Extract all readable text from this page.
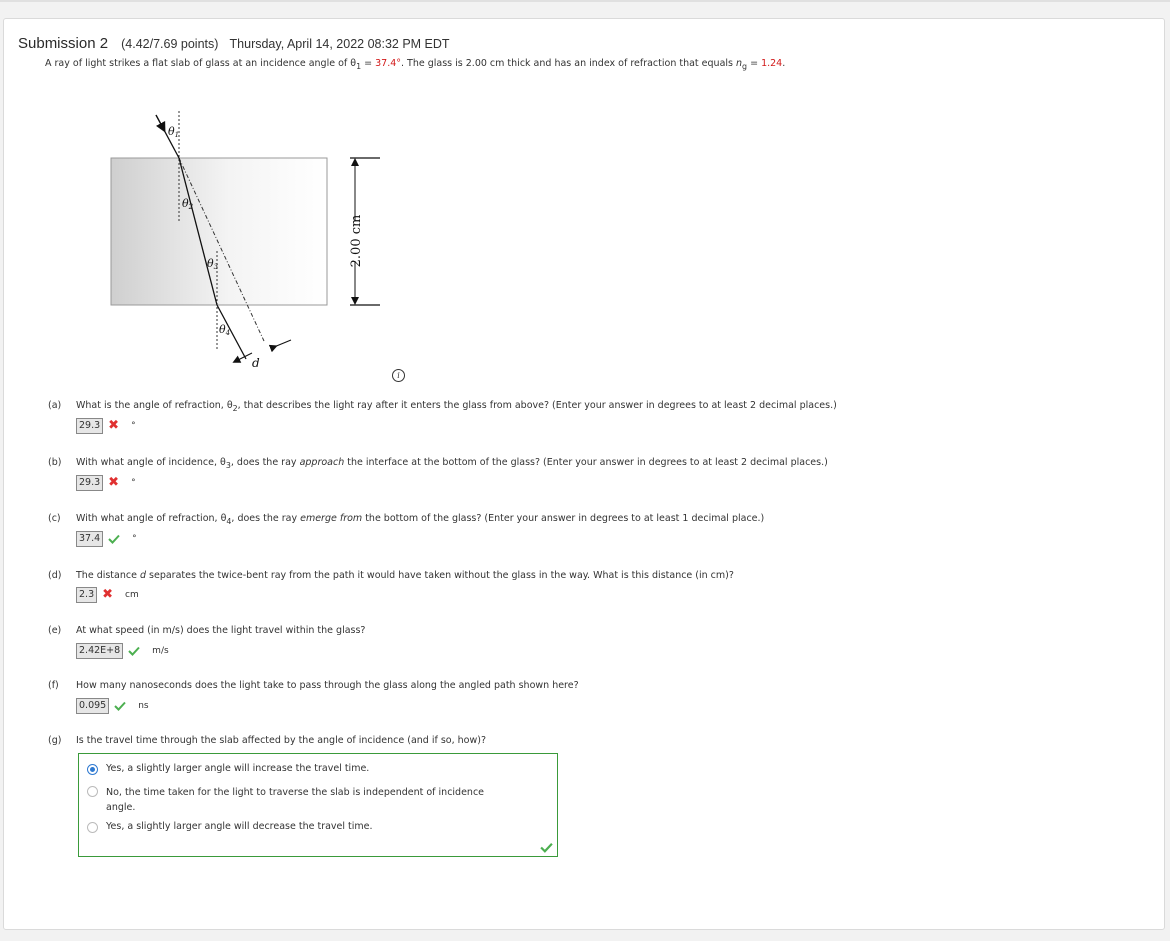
Submission 2 (4.42/7.69 points) Thursday, April 14, 2022 08:32 PM EDT
A ray of light strikes a flat slab of glass at an incidence angle of $\theta_1 = 37.4^\circ$. The glass is 2.00 cm thick and has an index of refraction that equals $n_g = 1.24$.
2.00 cm
d
θ1
θ2
θ3
θ4
i
(a) What is the angle of refraction, $\theta_2$, that describes the light ray after it enters the glass from above? (Enter your answer in degrees to at least 2 decimal places.)
29.3 ✖ °
(b) With what angle of incidence, $\theta_3$, does the ray approach the interface at the bottom of the glass? (Enter your answer in degrees to at least 2 decimal places.)
29.3 ✖ °
(c) With what angle of refraction, $\theta_4$, does the ray emerge from the bottom of the glass? (Enter your answer in degrees to at least 1 decimal place.)
37.4	°
(d) The distance d separates the twice-bent ray from the path it would have taken without the glass in the way. What is this distance (in cm)?
2.3 ✖ cm
(e) At what speed (in m/s) does the light travel within the glass?
2.42E+8	m/s
(f) How many nanoseconds does the light take to pass through the glass along the angled path shown here?
0.095	ns
(g) Is the travel time through the slab affected by the angle of incidence (and if so, how)?
Yes, a slightly larger angle will increase the travel time.
No, the time taken for the light to traverse the slab is independent of incidence
angle.
Yes, a slightly larger angle will decrease the travel time.
